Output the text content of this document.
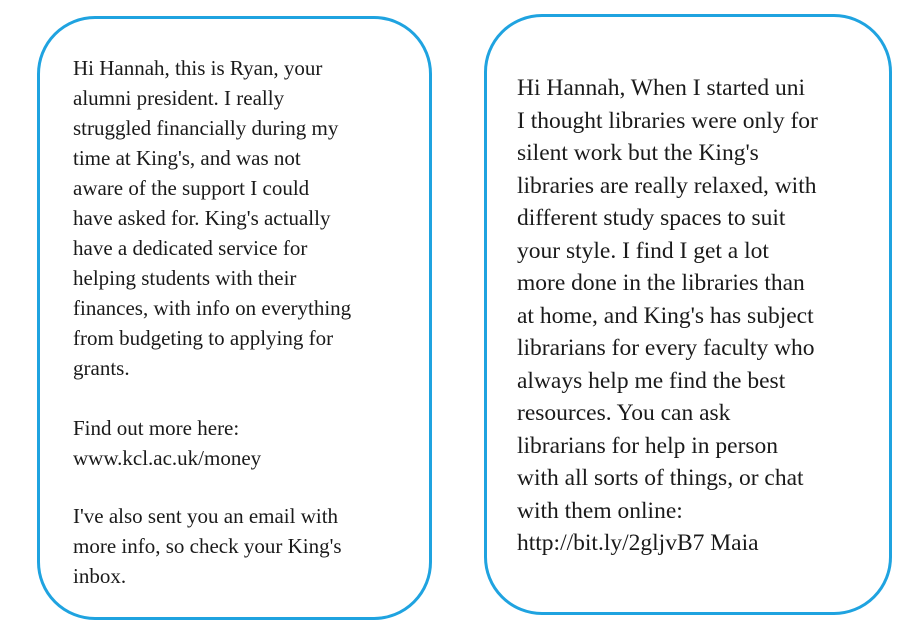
Hi Hannah, this is Ryan, your
alumni president. I really
struggled financially during my
time at King's, and was not
aware of the support I could
have asked for. King's actually
have a dedicated service for
helping students with their
finances, with info on everything
from budgeting to applying for
grants.

Find out more here:
www.kcl.ac.uk/money

I've also sent you an email with
more info, so check your King's
inbox.

Hi Hannah, When I started uni
I thought libraries were only for
silent work but the King's
libraries are really relaxed, with
different study spaces to suit
your style. I find I get a lot
more done in the libraries than
at home, and King's has subject
librarians for every faculty who
always help me find the best
resources. You can ask
librarians for help in person
with all sorts of things, or chat
with them online:
http://bit.ly/2gljvB7 Maia
